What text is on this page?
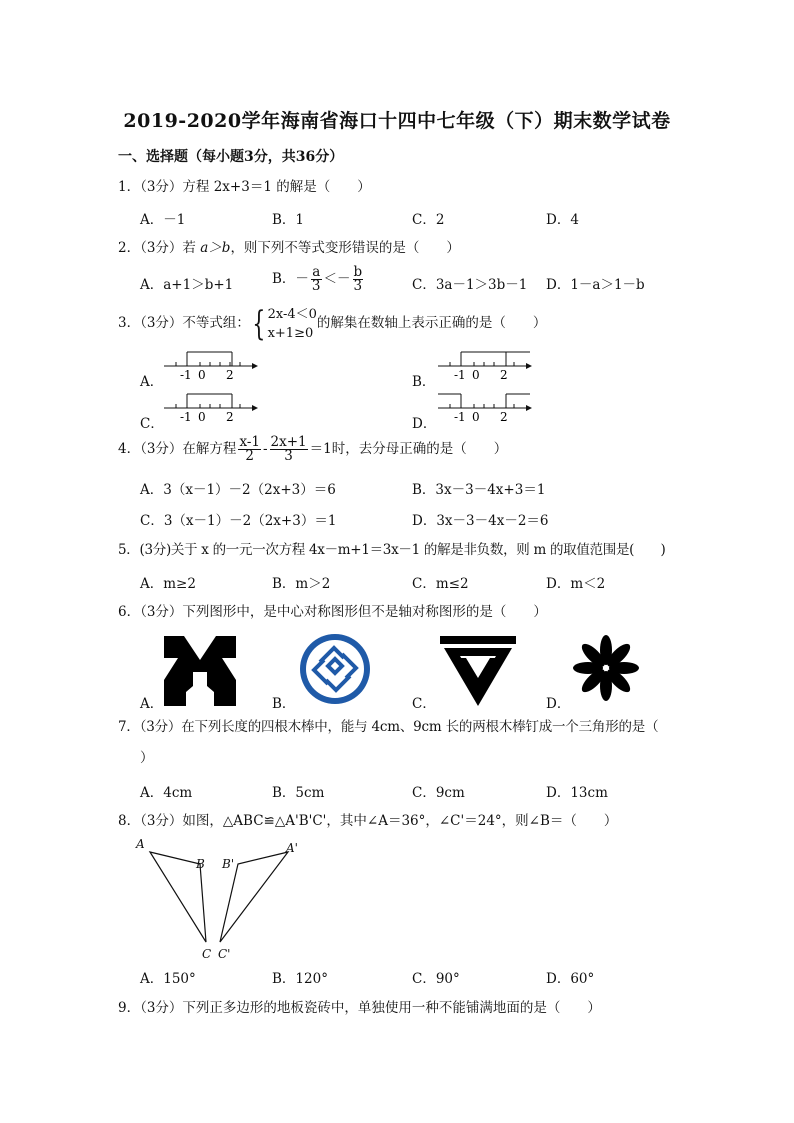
2019-2020学年海南省海口十四中七年级（下）期末数学试卷
一、选择题（每小题3分，共36分）
1．（3分）方程 2x+3＝1 的解是（　　）
A．－1	B．1	C．2	D．4
2．（3分）若 a＞b，则下列不等式变形错误的是（　　）
A．a+1＞b+1	B．－ $\frac{a}{3} <- \frac{b}{3}$	C．3a－1＞3b－1 D．1－a＞1－b
3．（3分）不等式组：{ 2x-4＜0
x+1≥0
的解集在数轴上表示正确的是（　　）
A． -1 0 2	B． -1 0 2
C． -1 0 2	D． -1 0 2
4．（3分）在解方程 $\frac{x-1}{2} - \frac{2x+1}{3} =1$时，去分母正确的是（　　）
A．3（x－1）－2（2x+3）＝6	B．3x－3－4x+3＝1
C．3（x－1）－2（2x+3）＝1	D．3x－3－4x－2＝6
5．(3分)关于 x 的一元一次方程 4x－m+1＝3x－1 的解是非负数，则 m 的取值范围是(　　)
A．m≥2	B．m＞2	C．m≤2	D．m＜2
6．（3分）下列图形中，是中心对称图形但不是轴对称图形的是（　　）
A．	B．	C．	D．
7．（3分）在下列长度的四根木棒中，能与 4cm、9cm 长的两根木棒钉成一个三角形的是（
）
A．4cm	B．5cm	C．9cm	D．13cm
8．（3分）如图，△ABC≌△A'B'C'，其中∠A＝36°，∠C'＝24°，则∠B＝（　　）
A
B
C
B'
A'
C'
A．150°	B．120°	C．90°	D．60°
9．（3分）下列正多边形的地板瓷砖中，单独使用一种不能铺满地面的是（　　）
